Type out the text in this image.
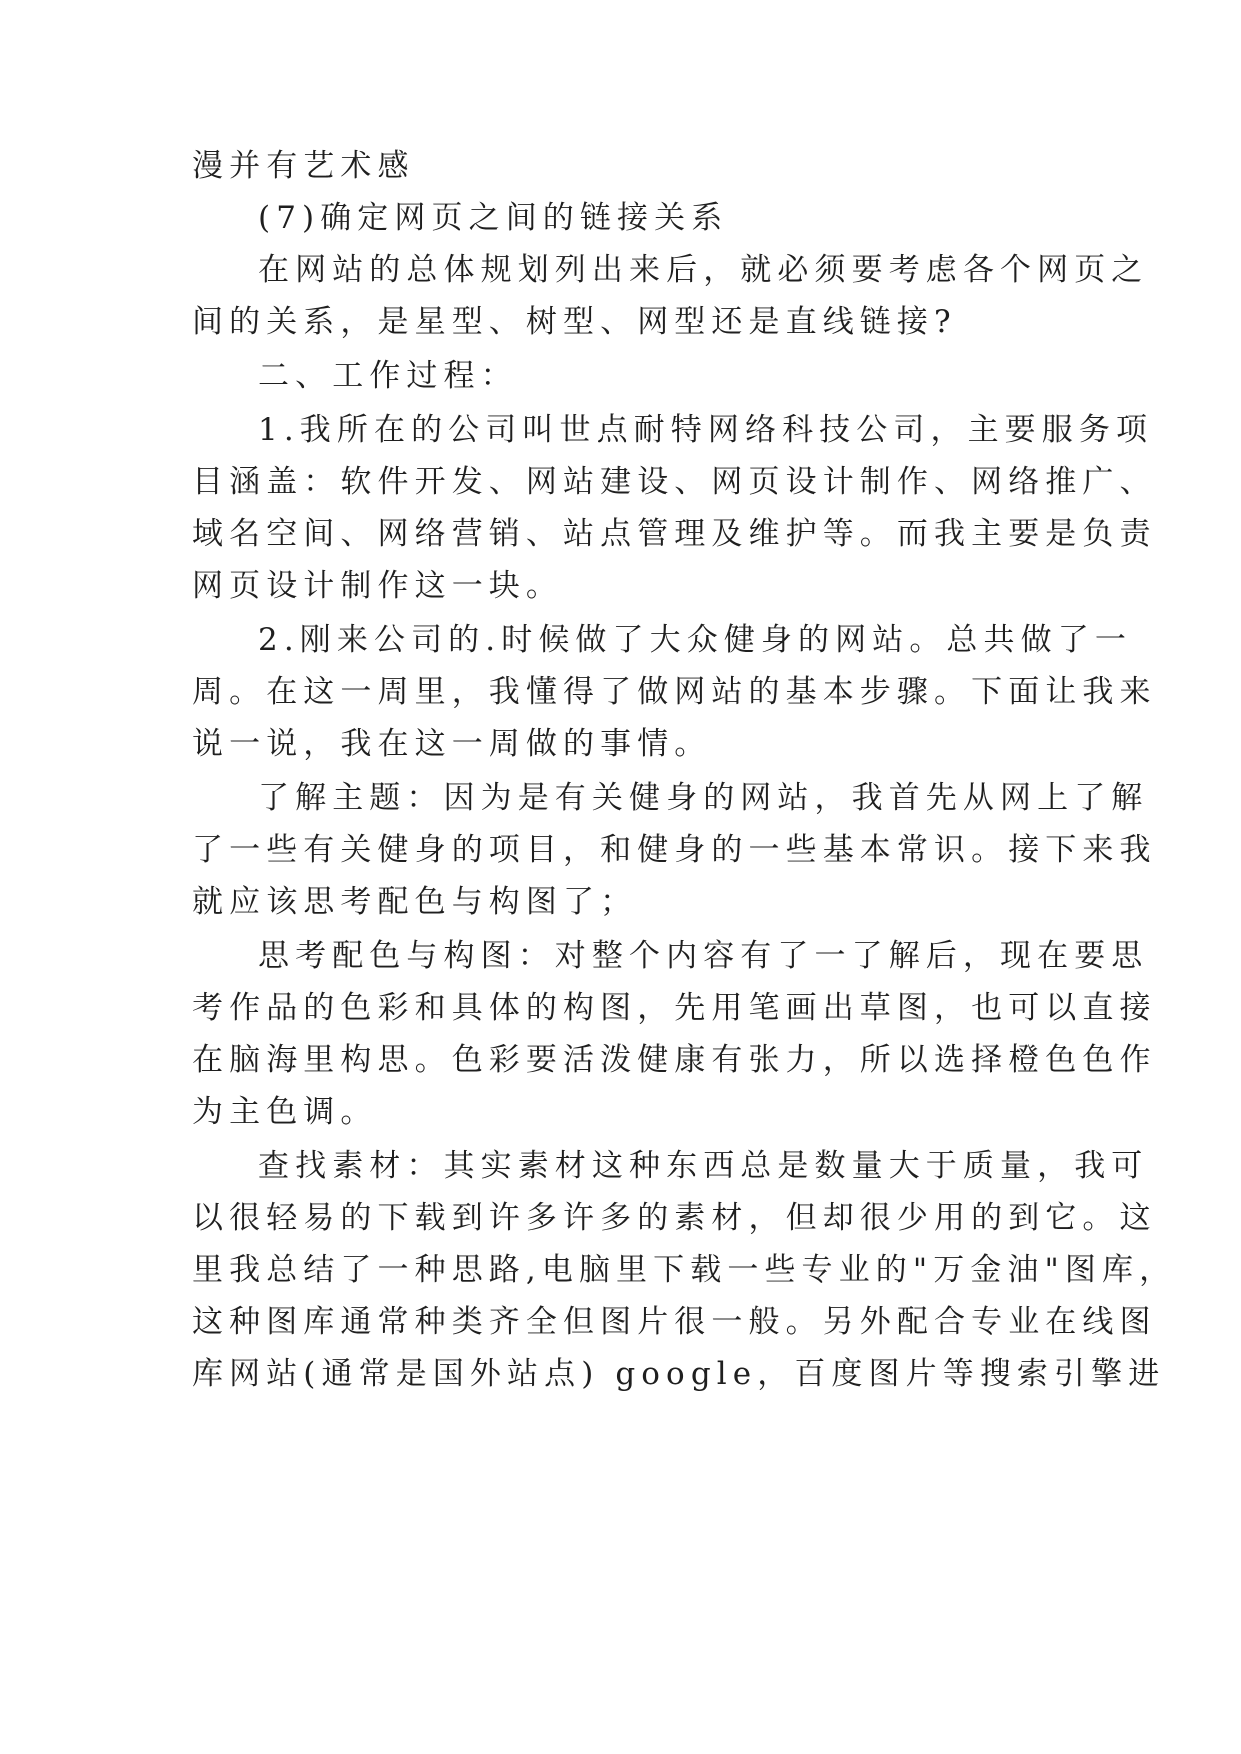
漫并有艺术感

(7)确定网页之间的链接关系

在网站的总体规划列出来后，就必须要考虑各个网页之

间的关系，是星型、树型、网型还是直线链接?

二、工作过程：

1.我所在的公司叫世点耐特网络科技公司，主要服务项

目涵盖：软件开发、网站建设、网页设计制作、网络推广、

域名空间、网络营销、站点管理及维护等。而我主要是负责

网页设计制作这一块。

2.刚来公司的.时候做了大众健身的网站。总共做了一

周。在这一周里，我懂得了做网站的基本步骤。下面让我来

说一说，我在这一周做的事情。

了解主题：因为是有关健身的网站，我首先从网上了解

了一些有关健身的项目，和健身的一些基本常识。接下来我

就应该思考配色与构图了；

思考配色与构图：对整个内容有了一了解后，现在要思

考作品的色彩和具体的构图，先用笔画出草图，也可以直接

在脑海里构思。色彩要活泼健康有张力，所以选择橙色色作

为主色调。

查找素材：其实素材这种东西总是数量大于质量，我可

以很轻易的下载到许多许多的素材，但却很少用的到它。这

里我总结了一种思路,电脑里下载一些专业的"万金油"图库，

这种图库通常种类齐全但图片很一般。另外配合专业在线图

库网站(通常是国外站点) google，百度图片等搜索引擎进
